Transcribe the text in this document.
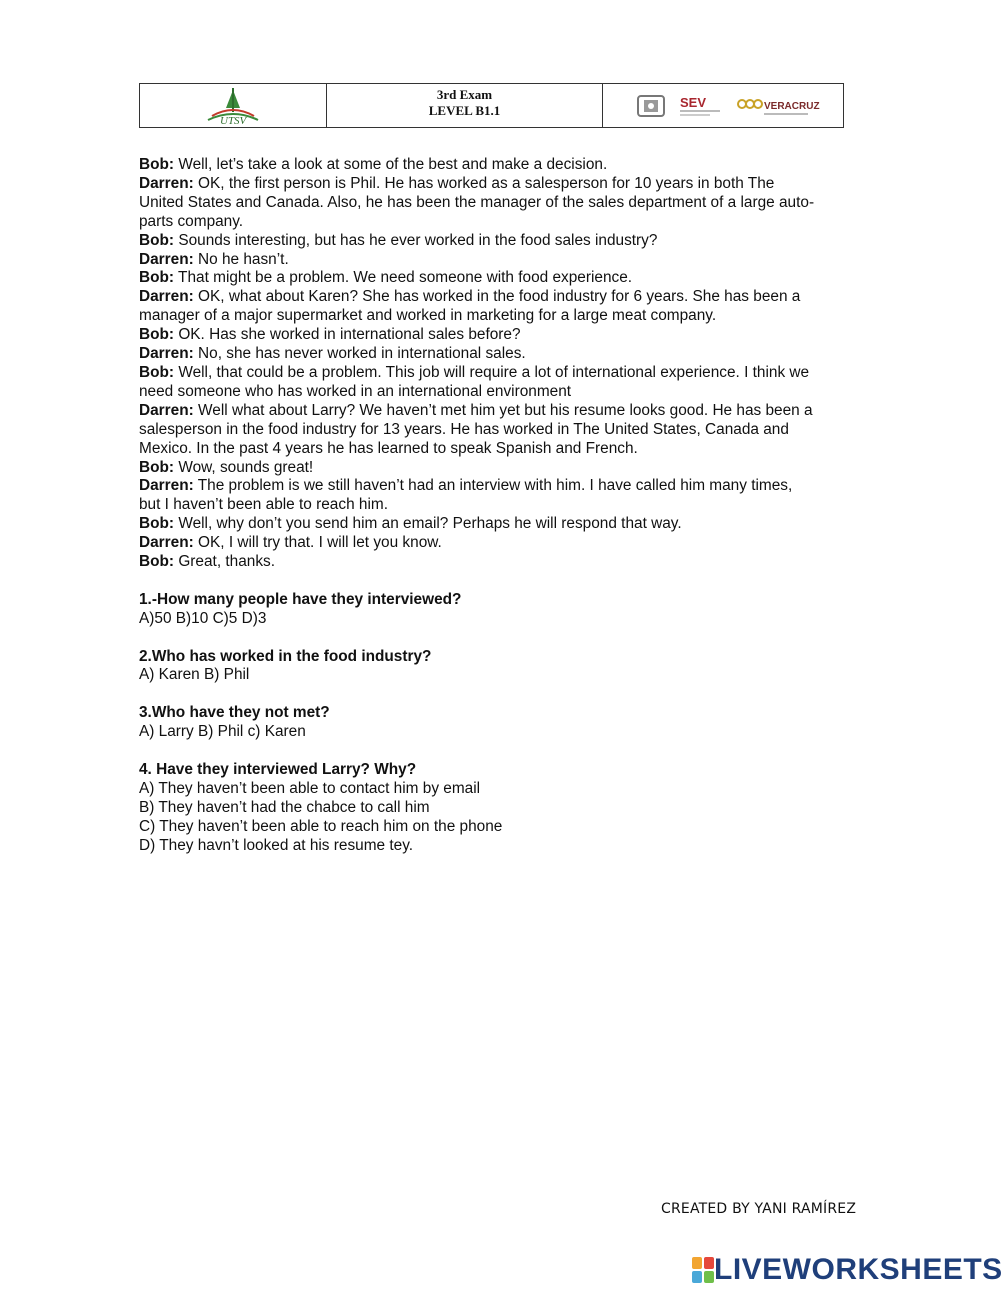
UTSV
3rd Exam
LEVEL B1.1
SEV	VERACRUZ
Bob: Well, let’s take a look at some of the best and make a decision.
Darren: OK, the first person is Phil. He has worked as a salesperson for 10 years in both The
United States and Canada. Also, he has been the manager of the sales department of a large auto-
parts company.
Bob: Sounds interesting, but has he ever worked in the food sales industry?
Darren: No he hasn’t.
Bob: That might be a problem. We need someone with food experience.
Darren: OK, what about Karen? She has worked in the food industry for 6 years. She has been a
manager of a major supermarket and worked in marketing for a large meat company.
Bob: OK. Has she worked in international sales before?
Darren: No, she has never worked in international sales.
Bob: Well, that could be a problem. This job will require a lot of international experience. I think we
need someone who has worked in an international environment
Darren: Well what about Larry? We haven’t met him yet but his resume looks good. He has been a
salesperson in the food industry for 13 years. He has worked in The United States, Canada and
Mexico. In the past 4 years he has learned to speak Spanish and French.
Bob: Wow, sounds great!
Darren: The problem is we still haven’t had an interview with him. I have called him many times,
but I haven’t been able to reach him.
Bob: Well, why don’t you send him an email? Perhaps he will respond that way.
Darren: OK, I will try that. I will let you know.
Bob: Great, thanks.
1.-How many people have they interviewed?
A)50 B)10 C)5 D)3
2.Who has worked in the food industry?
A) Karen B) Phil
3.Who have they not met?
A) Larry B) Phil c) Karen
4. Have they interviewed Larry? Why?
A) They haven’t been able to contact him by email
B) They haven’t had the chabce to call him
C) They haven’t been able to reach him on the phone
D) They havn’t looked at his resume tey.
CREATED BY YANI RAMÍREZ
LIVEWORKSHEETS
